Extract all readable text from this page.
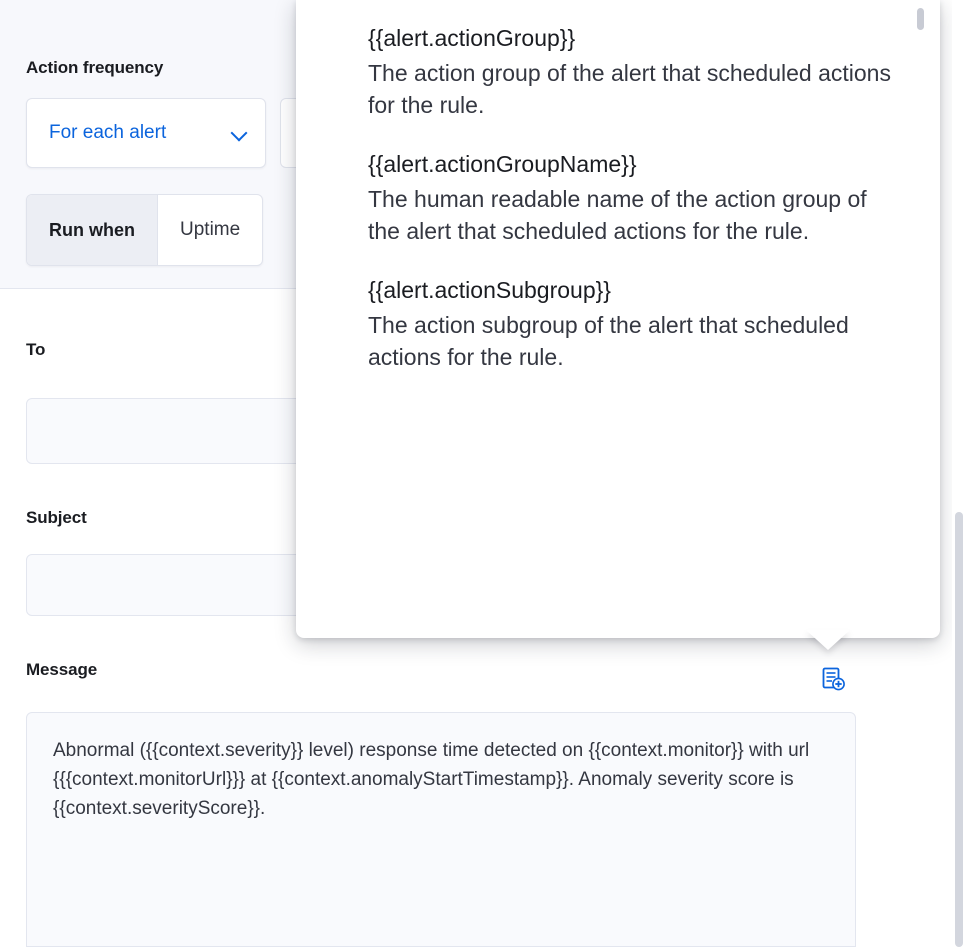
Action frequency
For each alert
Run when	Uptime
To
Subject
Message
Abnormal ({{context.severity}} level) response time detected on {{context.monitor}} with url {{{context.monitorUrl}}} at {{context.anomalyStartTimestamp}}. Anomaly severity score is {{context.severityScore}}.

{{alert.actionGroup}}

The action group of the alert that scheduled actions for the rule.

{{alert.actionGroupName}}

The human readable name of the action group of the alert that scheduled actions for the rule.

{{alert.actionSubgroup}}

The action subgroup of the alert that scheduled actions for the rule.
